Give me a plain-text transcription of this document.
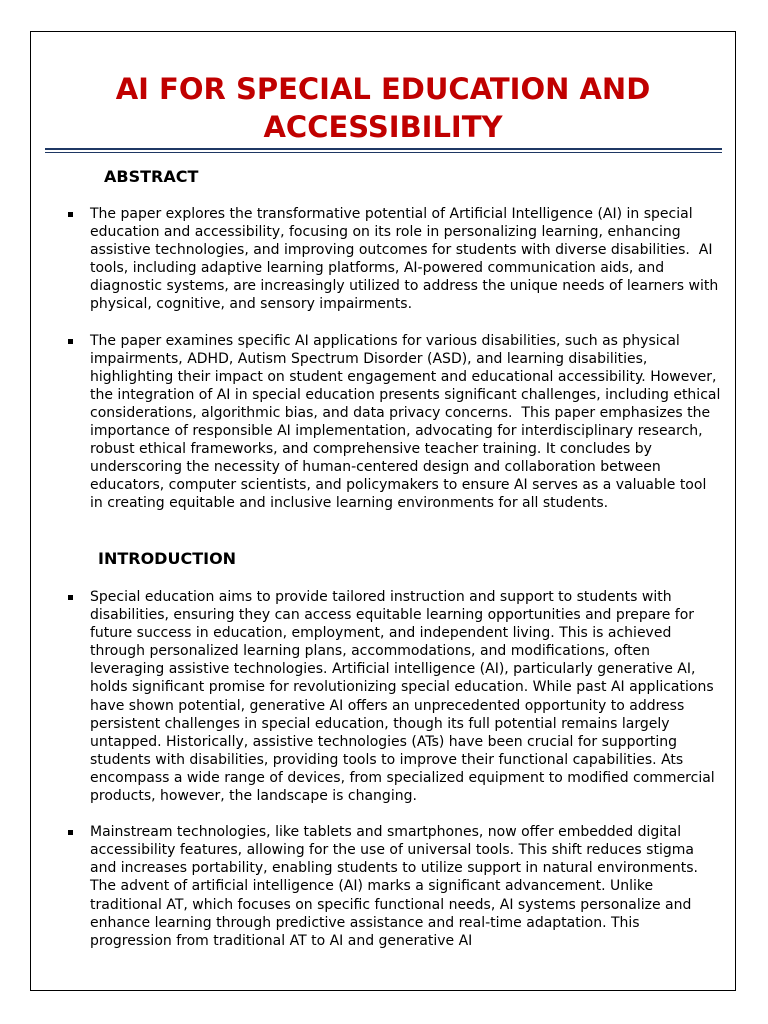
AI FOR SPECIAL EDUCATION AND ACCESSIBILITY
ABSTRACT
The paper explores the transformative potential of Artificial Intelligence (AI) in special education and accessibility, focusing on its role in personalizing learning, enhancing assistive technologies, and improving outcomes for students with diverse disabilities.  AI tools, including adaptive learning platforms, AI-powered communication aids, and diagnostic systems, are increasingly utilized to address the unique needs of learners with physical, cognitive, and sensory impairments.
The paper examines specific AI applications for various disabilities, such as physical impairments, ADHD, Autism Spectrum Disorder (ASD), and learning disabilities, highlighting their impact on student engagement and educational accessibility. However, the integration of AI in special education presents significant challenges, including ethical considerations, algorithmic bias, and data privacy concerns.  This paper emphasizes the importance of responsible AI implementation, advocating for interdisciplinary research, robust ethical frameworks, and comprehensive teacher training. It concludes by underscoring the necessity of human-centered design and collaboration between educators, computer scientists, and policymakers to ensure AI serves as a valuable tool in creating equitable and inclusive learning environments for all students.
INTRODUCTION
Special education aims to provide tailored instruction and support to students with disabilities, ensuring they can access equitable learning opportunities and prepare for future success in education, employment, and independent living. This is achieved through personalized learning plans, accommodations, and modifications, often leveraging assistive technologies. Artificial intelligence (AI), particularly generative AI, holds significant promise for revolutionizing special education. While past AI applications have shown potential, generative AI offers an unprecedented opportunity to address persistent challenges in special education, though its full potential remains largely untapped. Historically, assistive technologies (ATs) have been crucial for supporting students with disabilities, providing tools to improve their functional capabilities. Ats encompass a wide range of devices, from specialized equipment to modified commercial products, however, the landscape is changing.
Mainstream technologies, like tablets and smartphones, now offer embedded digital accessibility features, allowing for the use of universal tools. This shift reduces stigma and increases portability, enabling students to utilize support in natural environments. The advent of artificial intelligence (AI) marks a significant advancement. Unlike traditional AT, which focuses on specific functional needs, AI systems personalize and enhance learning through predictive assistance and real-time adaptation. This progression from traditional AT to AI and generative AI
